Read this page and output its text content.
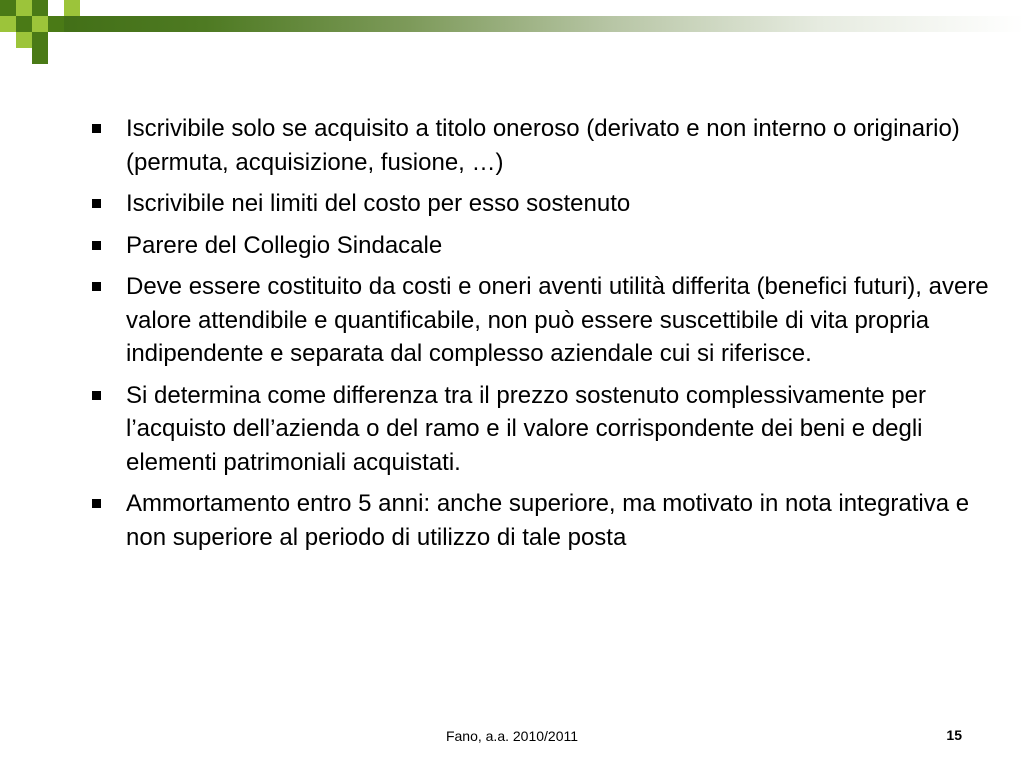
Iscrivibile solo se acquisito a titolo oneroso (derivato e non interno o originario) (permuta, acquisizione, fusione, …)
Iscrivibile nei limiti del costo per esso sostenuto
Parere del Collegio Sindacale
Deve essere costituito da costi e oneri aventi utilità differita (benefici futuri), avere valore attendibile e quantificabile, non può essere suscettibile di vita propria indipendente e separata dal complesso aziendale cui si riferisce.
Si determina come differenza tra il prezzo sostenuto complessivamente per l’acquisto dell’azienda o del ramo e il valore corrispondente dei beni e degli elementi patrimoniali acquistati.
Ammortamento entro 5 anni: anche superiore, ma motivato in nota integrativa e non superiore al periodo di utilizzo di tale posta
Fano, a.a. 2010/2011	15
